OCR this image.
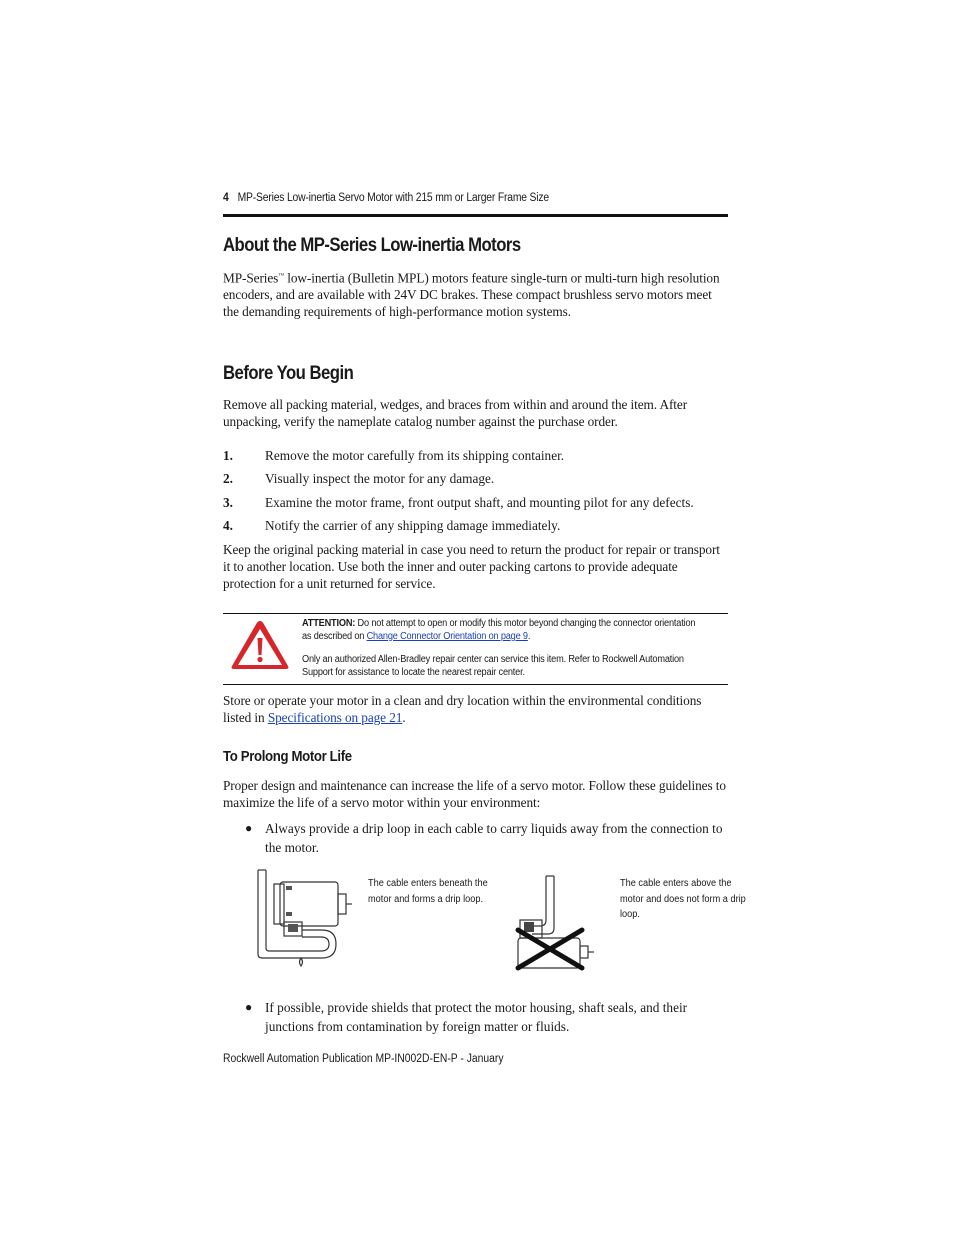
4 MP-Series Low-inertia Servo Motor with 215 mm or Larger Frame Size
About the MP-Series Low-inertia Motors

MP-Series™ low-inertia (Bulletin MPL) motors feature single-turn or multi-turn high resolution encoders, and are available with 24V DC brakes. These compact brushless servo motors meet the demanding requirements of high-performance motion systems.

Before You Begin

Remove all packing material, wedges, and braces from within and around the item. After unpacking, verify the nameplate catalog number against the purchase order.

1. Remove the motor carefully from its shipping container.
2. Visually inspect the motor for any damage.
3. Examine the motor frame, front output shaft, and mounting pilot for any defects.
4. Notify the carrier of any shipping damage immediately.

Keep the original packing material in case you need to return the product for repair or transport it to another location. Use both the inner and outer packing cartons to provide adequate protection for a unit returned for service.

ATTENTION: Do not attempt to open or modify this motor beyond changing the connector orientation as described on Change Connector Orientation on page 9.
Only an authorized Allen-Bradley repair center can service this item. Refer to Rockwell Automation Support for assistance to locate the nearest repair center.

Store or operate your motor in a clean and dry location within the environmental conditions listed in Specifications on page 21.

To Prolong Motor Life

Proper design and maintenance can increase the life of a servo motor. Follow these guidelines to maximize the life of a servo motor within your environment:

● Always provide a drip loop in each cable to carry liquids away from the connection to the motor.
The cable enters beneath the motor and forms a drip loop.
The cable enters above the motor and does not form a drip loop.
● If possible, provide shields that protect the motor housing, shaft seals, and their junctions from contamination by foreign matter or fluids.
Rockwell Automation Publication MP-IN002D-EN-P - January
